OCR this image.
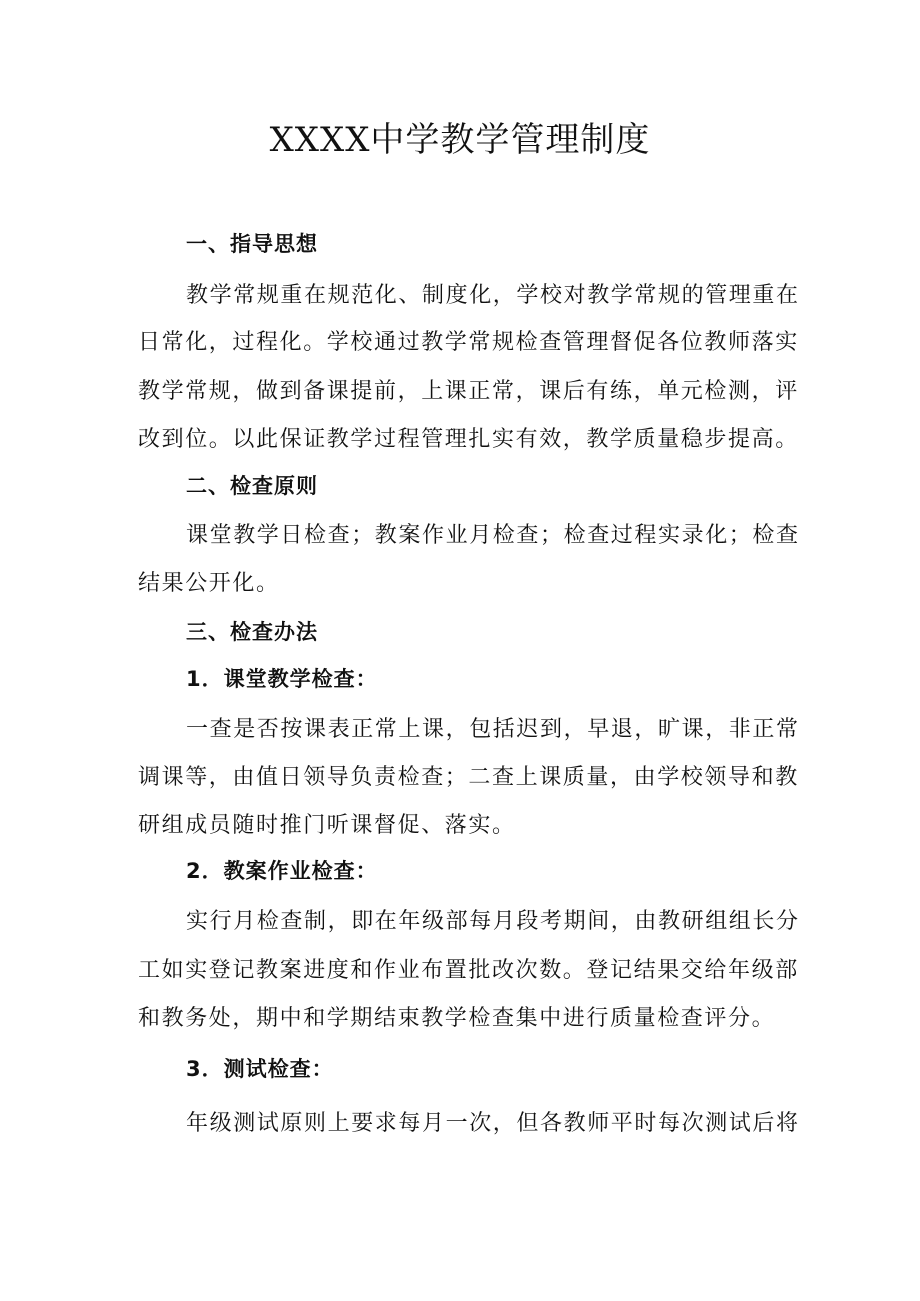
XXXX中学教学管理制度
一、指导思想
教学常规重在规范化、制度化，学校对教学常规的管理重在
日常化，过程化。学校通过教学常规检查管理督促各位教师落实
教学常规，做到备课提前，上课正常，课后有练，单元检测，评
改到位。以此保证教学过程管理扎实有效，教学质量稳步提高。
二、检查原则
课堂教学日检查；教案作业月检查；检查过程实录化；检查
结果公开化。
三、检查办法
1．课堂教学检查：
一查是否按课表正常上课，包括迟到，早退，旷课，非正常
调课等，由值日领导负责检查；二查上课质量，由学校领导和教
研组成员随时推门听课督促、落实。
2．教案作业检查：
实行月检查制，即在年级部每月段考期间，由教研组组长分
工如实登记教案进度和作业布置批改次数。登记结果交给年级部
和教务处，期中和学期结束教学检查集中进行质量检查评分。
3．测试检查：
年级测试原则上要求每月一次，但各教师平时每次测试后将
